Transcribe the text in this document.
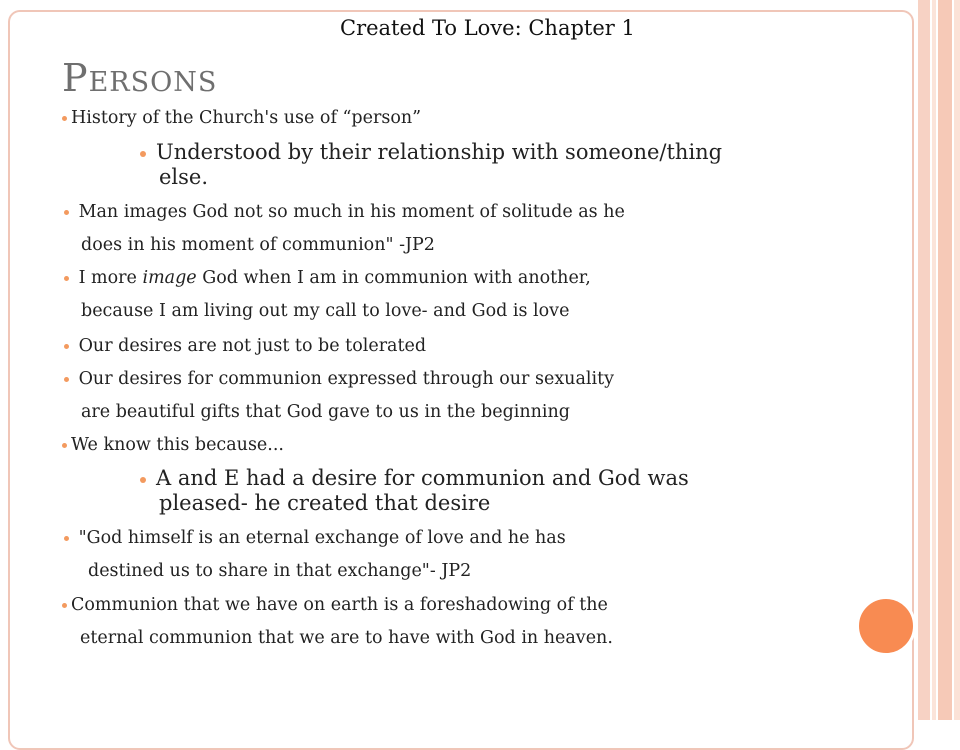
Created To Love: Chapter 1
Persons
History of the Church's use of “person”
Understood by their relationship with someone/thing
else.
Man images God not so much in his moment of solitude as he
does in his moment of communion" -JP2
I more image God when I am in communion with another,
because I am living out my call to love- and God is love
Our desires are not just to be tolerated
Our desires for communion expressed through our sexuality
are beautiful gifts that God gave to us in the beginning
We know this because...
A and E had a desire for communion and God was
pleased- he created that desire
"God himself is an eternal exchange of love and he has
destined us to share in that exchange"- JP2
Communion that we have on earth is a foreshadowing of the
eternal communion that we are to have with God in heaven.
